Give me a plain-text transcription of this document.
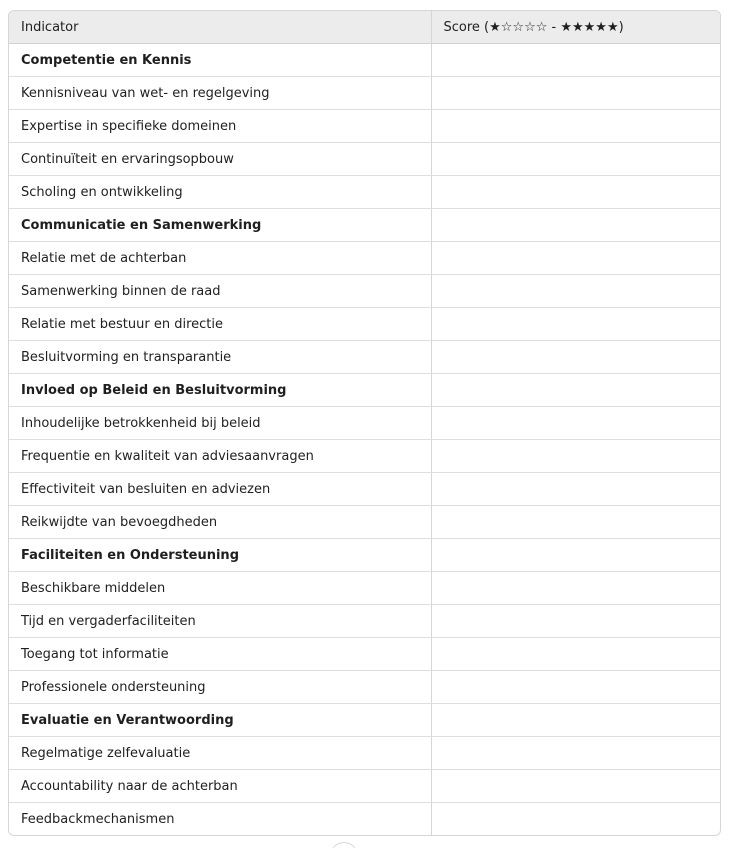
Indicator	Score (★☆☆☆☆ - ★★★★★)
Competentie en Kennis	
Kennisniveau van wet- en regelgeving	
Expertise in specifieke domeinen	
Continuïteit en ervaringsopbouw	
Scholing en ontwikkeling	
Communicatie en Samenwerking	
Relatie met de achterban	
Samenwerking binnen de raad	
Relatie met bestuur en directie	
Besluitvorming en transparantie	
Invloed op Beleid en Besluitvorming	
Inhoudelijke betrokkenheid bij beleid	
Frequentie en kwaliteit van adviesaanvragen	
Effectiviteit van besluiten en adviezen	
Reikwijdte van bevoegdheden	
Faciliteiten en Ondersteuning	
Beschikbare middelen	
Tijd en vergaderfaciliteiten	
Toegang tot informatie	
Professionele ondersteuning	
Evaluatie en Verantwoording	
Regelmatige zelfevaluatie	
Accountability naar de achterban	
Feedbackmechanismen	
